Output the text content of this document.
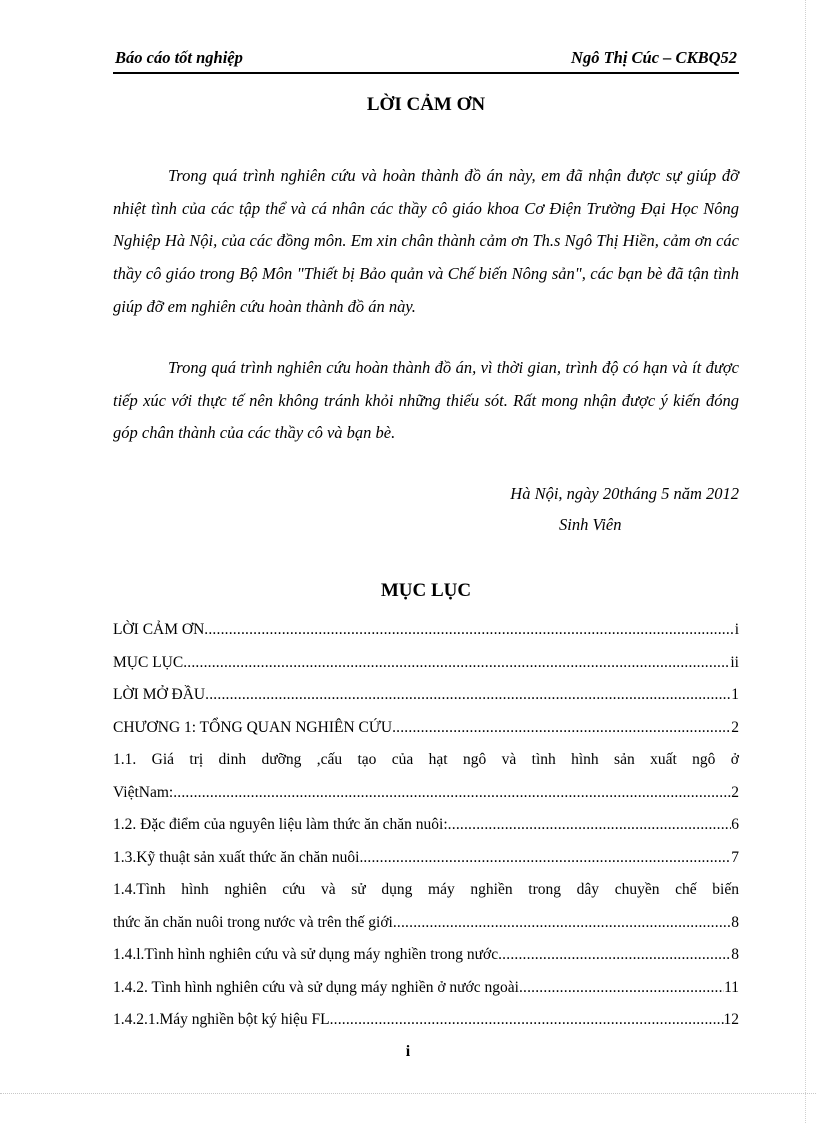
Báo cáo tốt nghiệp	Ngô Thị Cúc – CKBQ52
LỜI CẢM ƠN

Trong quá trình nghiên cứu và hoàn thành đồ án này, em đã nhận được sự giúp đỡ nhiệt tình của các tập thể và cá nhân các thầy cô giáo khoa Cơ Điện Trường Đại Học Nông Nghiệp Hà Nội, của các đồng môn. Em xin chân thành cảm ơn Th.s Ngô Thị Hiền, cảm ơn các thầy cô giáo trong Bộ Môn "Thiết bị Bảo quản và Chế biến Nông sản", các bạn bè đã tận tình giúp đỡ em nghiên cứu hoàn thành đồ án này.

Trong quá trình nghiên cứu hoàn thành đồ án, vì thời gian, trình độ có hạn và ít được tiếp xúc với thực tế nên không tránh khỏi những thiếu sót. Rất mong nhận được ý kiến đóng góp chân thành của các thầy cô và bạn bè.

Hà Nội, ngày 20tháng 5 năm 2012
Sinh Viên
MỤC LỤC
LỜI CẢM ƠN .....	i
MỤC LỤC .....	ii
LỜI MỞ ĐẦU .....	1
CHƯƠNG 1: TỔNG QUAN NGHIÊN CỨU .....	2
1.1. Giá trị dinh dưỡng ,cấu tạo của hạt ngô và tình hình sản xuất ngô ở
ViệtNam: .....	2
1.2. Đặc điểm của nguyên liệu làm thức ăn chăn nuôi: .....	6
1.3.Kỹ thuật sản xuất thức ăn chăn nuôi. .....	7
1.4.Tình hình nghiên cứu và sử dụng máy nghiền trong dây chuyền chế biến
thức ăn chăn nuôi trong nước và trên thế giới .....	8
1.4.l.Tình hình nghiên cứu và sử dụng máy nghiền trong nước .....	8
1.4.2. Tình hình nghiên cứu và sử dụng máy nghiền ở nước ngoài .....	11
1.4.2.1.Máy nghiền bột ký hiệu FL .....	12
i
